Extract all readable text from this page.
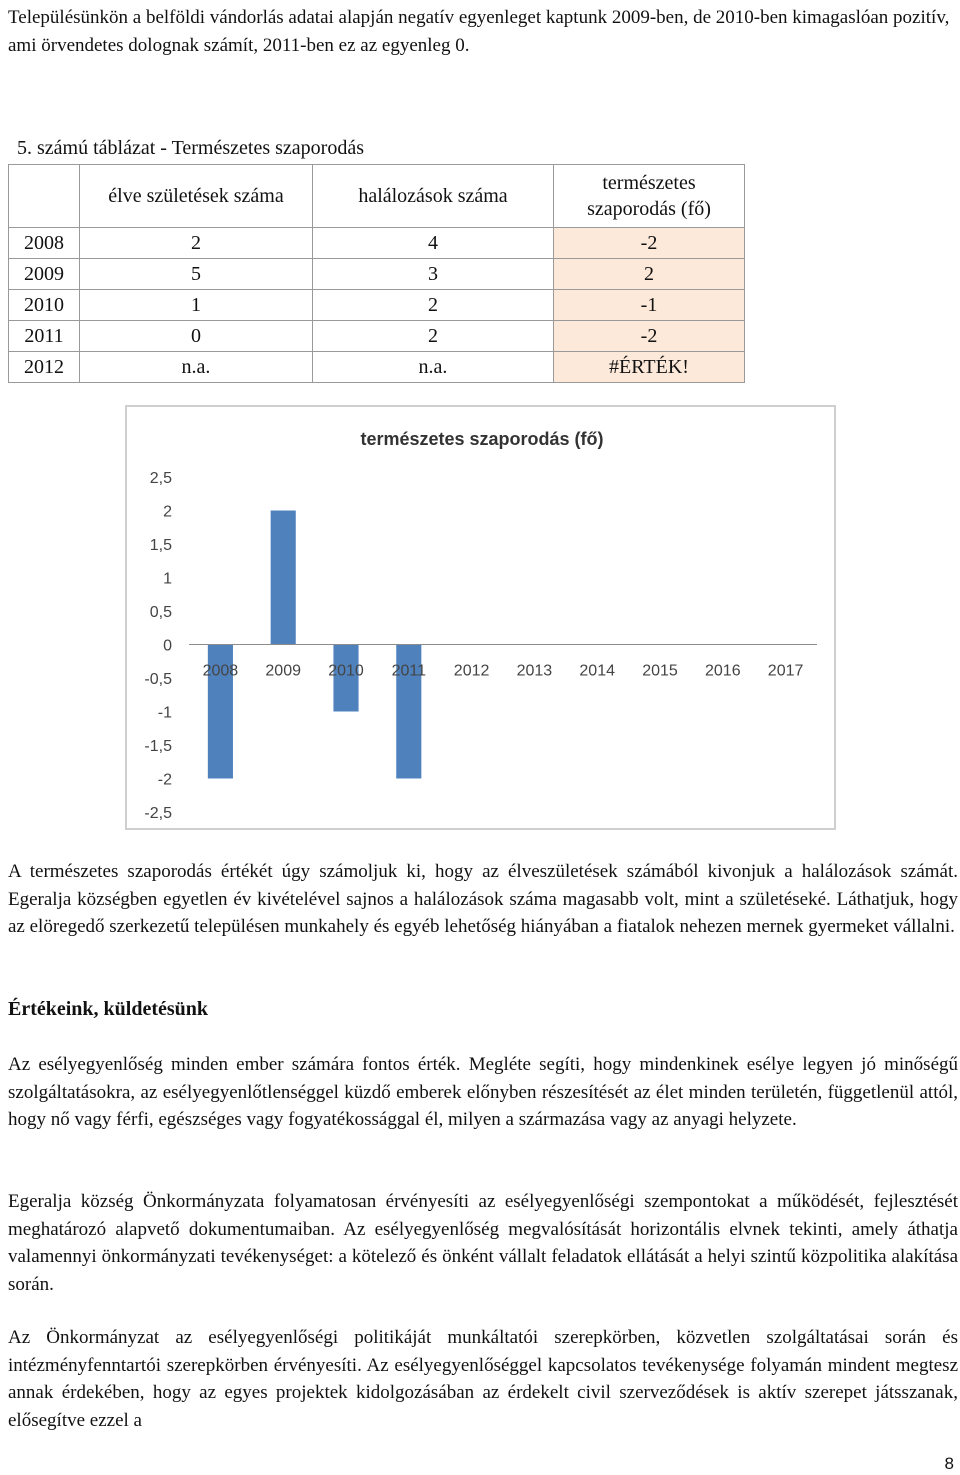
Településünkön a belföldi vándorlás adatai alapján negatív egyenleget kaptunk 2009-ben, de 2010-ben kimagaslóan pozitív, ami örvendetes dolognak számít, 2011-ben ez az egyenleg 0.

5. számú táblázat - Természetes szaporodás

	élve születések száma	halálozások száma	természetes szaporodás (fő)
2008	2	4	-2
2009	5	3	2
2010	1	2	-1
2011	0	2	-2
2012	n.a.	n.a.	#ÉRTÉK!
természetes szaporodás (fő)
2,5
2
1,5
1
0,5
0
-0,5
-1
-1,5
-2
-2,5
2008 2009 2010 2011 2012 2013 2014 2015 2016 2017

A természetes szaporodás értékét úgy számoljuk ki, hogy az élveszületések számából kivonjuk a halálozások számát. Egeralja községben egyetlen év kivételével sajnos a halálozások száma magasabb volt, mint a születéseké. Láthatjuk, hogy az elöregedő szerkezetű településen munkahely és egyéb lehetőség hiányában a fiatalok nehezen mernek gyermeket vállalni.

Értékeink, küldetésünk

Az esélyegyenlőség minden ember számára fontos érték. Megléte segíti, hogy mindenkinek esélye legyen jó minőségű szolgáltatásokra, az esélyegyenlőtlenséggel küzdő emberek előnyben részesítését az élet minden területén, függetlenül attól, hogy nő vagy férfi, egészséges vagy fogyatékossággal él, milyen a származása vagy az anyagi helyzete.

Egeralja község Önkormányzata folyamatosan érvényesíti az esélyegyenlőségi szempontokat a működését, fejlesztését meghatározó alapvető dokumentumaiban. Az esélyegyenlőség megvalósítását horizontális elvnek tekinti, amely áthatja valamennyi önkormányzati tevékenységet: a kötelező és önként vállalt feladatok ellátását a helyi szintű közpolitika alakítása során.

Az Önkormányzat az esélyegyenlőségi politikáját munkáltatói szerepkörben, közvetlen szolgáltatásai során és intézményfenntartói szerepkörben érvényesíti. Az esélyegyenlőséggel kapcsolatos tevékenysége folyamán mindent megtesz annak érdekében, hogy az egyes projektek kidolgozásában az érdekelt civil szerveződések is aktív szerepet játsszanak, elősegítve ezzel a

8
